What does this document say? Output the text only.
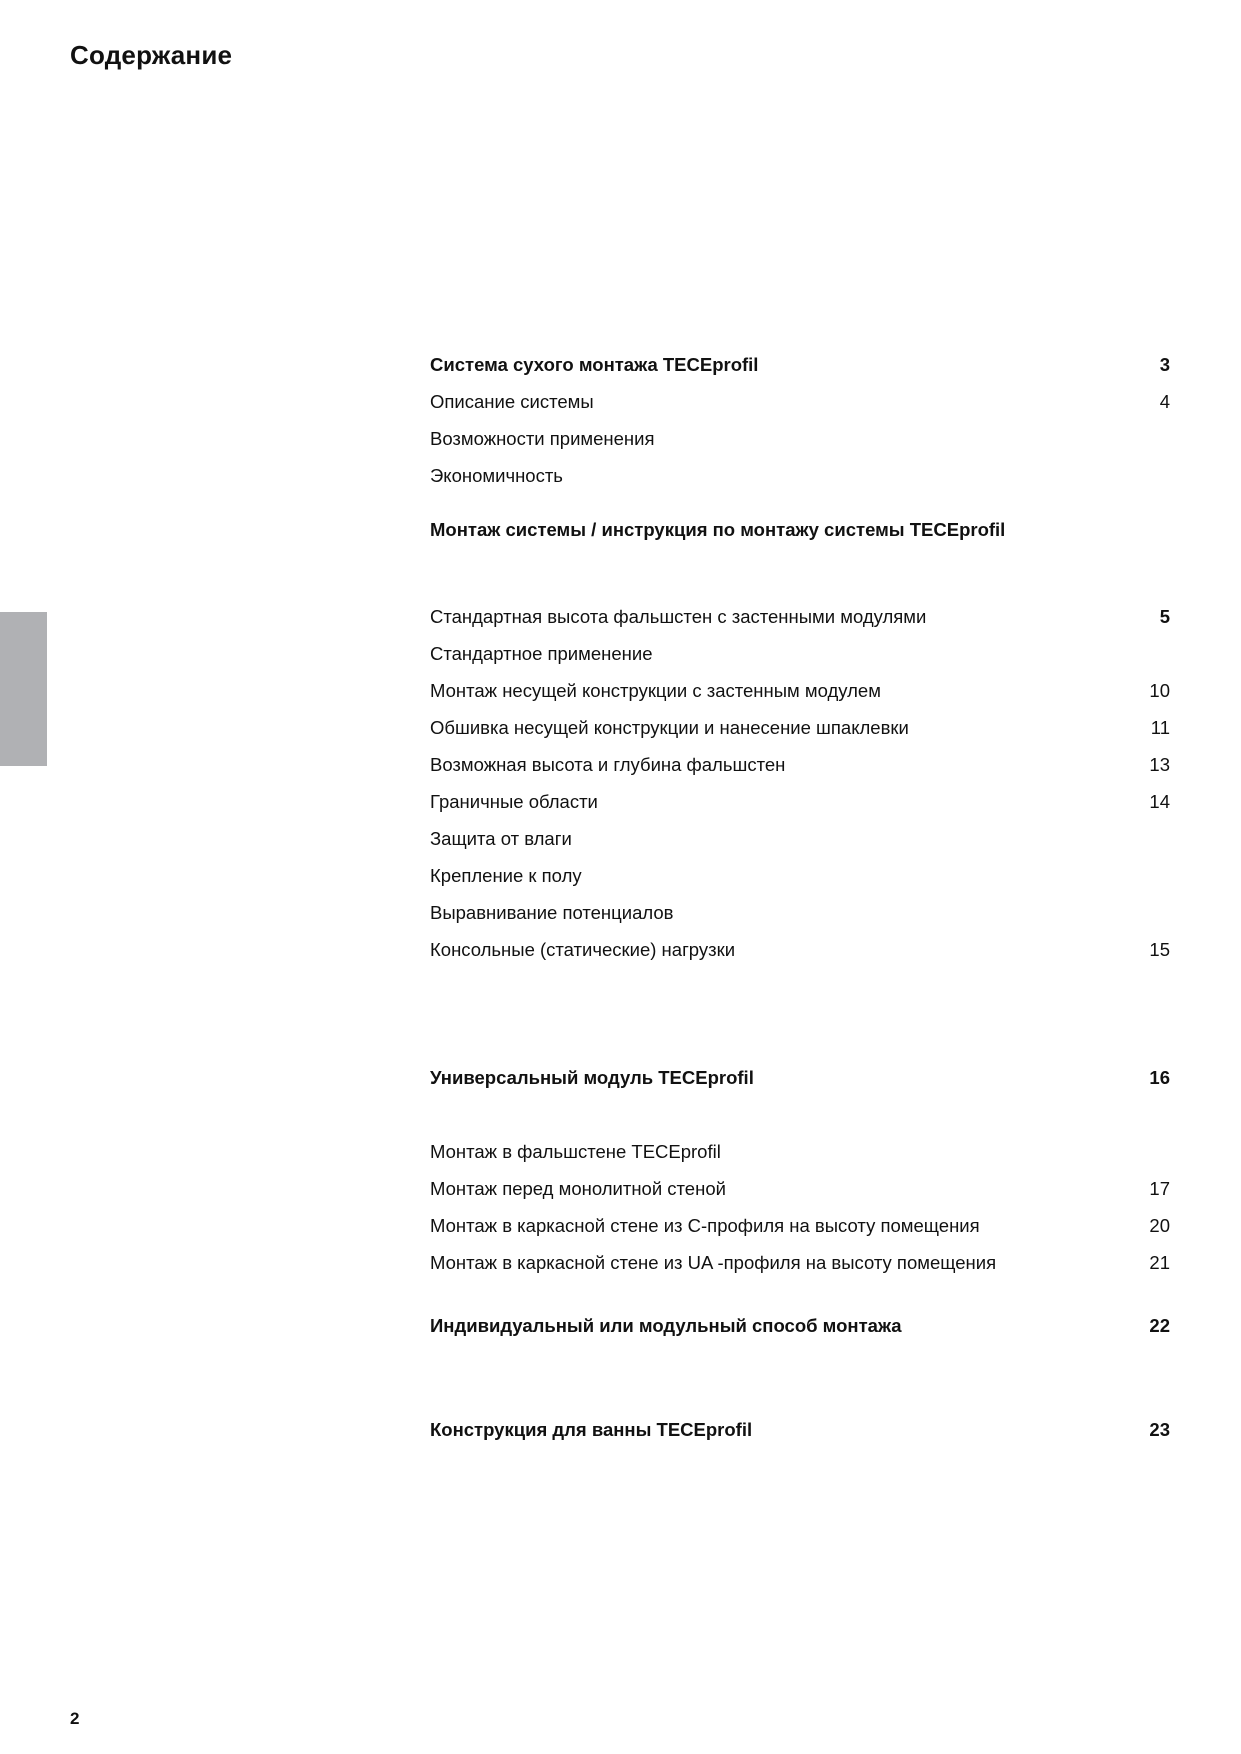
Содержание
Система сухого монтажа TECEprofil	3
Описание системы	4
Возможности применения
Экономичность
Монтаж системы / инструкция по монтажу системы TECEprofil
Стандартная высота фальшстен с застенными модулями	5
Стандартное применение
Монтаж несущей конструкции с застенным модулем	10
Обшивка несущей конструкции и нанесение шпаклевки	11
Возможная высота и глубина фальшстен	13
Граничные области	14
Защита от влаги
Крепление к полу
Выравнивание потенциалов
Консольные (статические) нагрузки	15
Универсальный модуль TECEprofil	16
Монтаж в фальшстене TECEprofil
Монтаж перед монолитной стеной	17
Монтаж в каркасной стене из С-профиля на высоту помещения	20
Монтаж в каркасной стене из UA -профиля на высоту помещения	21
Индивидуальный или модульный способ монтажа	22
Конструкция для ванны TECEprofil	23
2
